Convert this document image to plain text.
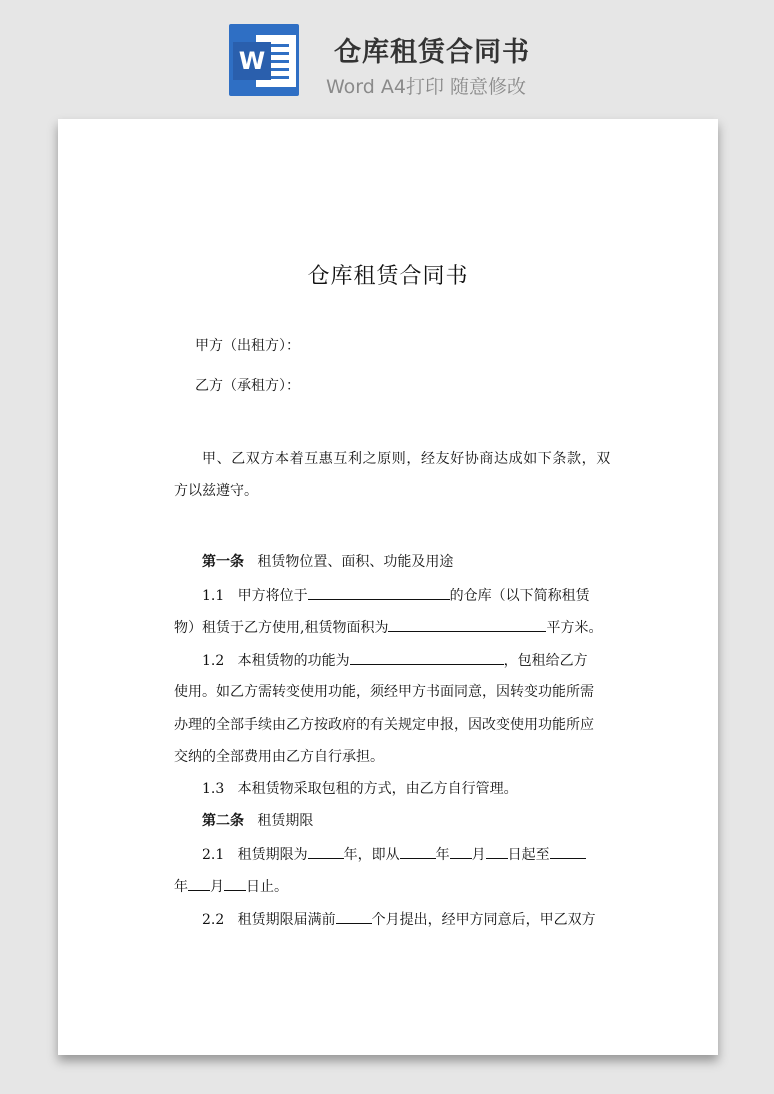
W	仓库租赁合同书
Word A4打印 随意修改
仓库租赁合同书
甲方（出租方）：
乙方（承租方）：
甲、乙双方本着互惠互利之原则，经友好协商达成如下条款，双
方以兹遵守。
第一条 租赁物位置、面积、功能及用途
1.1 甲方将位于	的仓库（以下简称租赁
物）租赁于乙方使用,租赁物面积为	平方米。
1.2 本租赁物的功能为	，包租给乙方
使用。如乙方需转变使用功能，须经甲方书面同意，因转变功能所需
办理的全部手续由乙方按政府的有关规定申报，因改变使用功能所应
交纳的全部费用由乙方自行承担。
1.3 本租赁物采取包租的方式，由乙方自行管理。
第二条 租赁期限
2.1 租赁期限为	年，即从	年 月 日起至
年 月 日止。
2.2 租赁期限届满前	个月提出，经甲方同意后，甲乙双方
